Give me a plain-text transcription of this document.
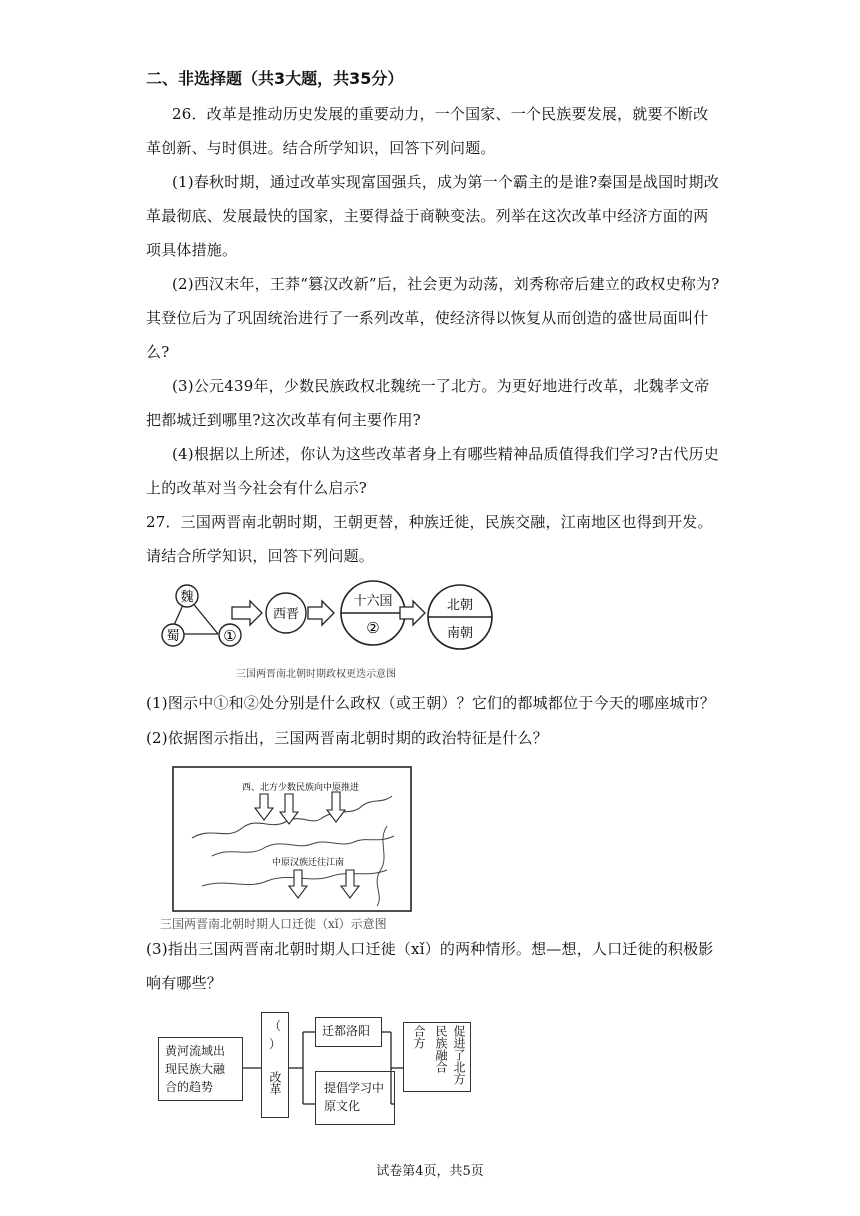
二、非选择题（共3大题，共35分）
26．改革是推动历史发展的重要动力，一个国家、一个民族要发展，就要不断改革创新、与时俱进。结合所学知识，回答下列问题。
(1)春秋时期，通过改革实现富国强兵，成为第一个霸主的是谁?秦国是战国时期改革最彻底、发展最快的国家，主要得益于商鞅变法。列举在这次改革中经济方面的两项具体措施。
(2)西汉末年，王莽“篡汉改新”后，社会更为动荡，刘秀称帝后建立的政权史称为?其登位后为了巩固统治进行了一系列改革，使经济得以恢复从而创造的盛世局面叫什么?
(3)公元439年，少数民族政权北魏统一了北方。为更好地进行改革，北魏孝文帝把都城迁到哪里?这次改革有何主要作用?
(4)根据以上所述，你认为这些改革者身上有哪些精神品质值得我们学习?古代历史上的改革对当今社会有什么启示?
27．三国两晋南北朝时期，王朝更替，种族迁徙，民族交融，江南地区也得到开发。请结合所学知识，回答下列问题。
魏
蜀	①
西晋
十六国
②
北朝
南朝
三国两晋南北朝时期政权更迭示意图
(1)图示中①和②处分别是什么政权（或王朝）？它们的都城都位于今天的哪座城市？
(2)依据图示指出，三国两晋南北朝时期的政治特征是什么？
西、北方少数民族向中原推进
中原汉族迁往江南
三国两晋南北朝时期人口迁徙（xǐ）示意图
(3)指出三国两晋南北朝时期人口迁徙（xǐ）的两种情形。想—想，人口迁徙的积极影响有哪些？
黄河流域出现民族大融合的趋势
（
）
改革
迁都洛阳
提倡学习中原文化
合方	促进了北方民族融合
试卷第4页，共5页
